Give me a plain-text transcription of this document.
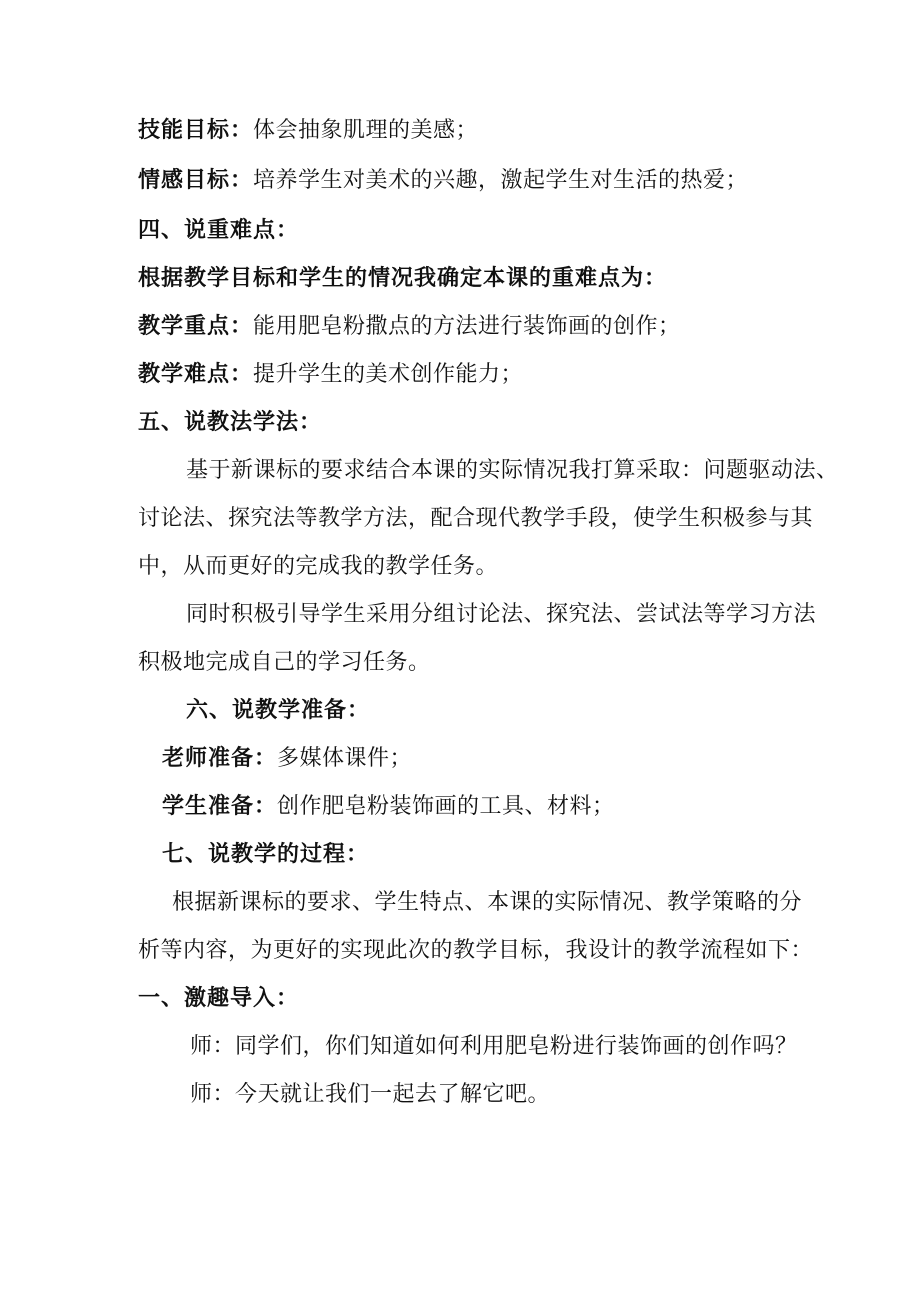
技能目标：体会抽象肌理的美感；
情感目标：培养学生对美术的兴趣，激起学生对生活的热爱；
四、说重难点：
根据教学目标和学生的情况我确定本课的重难点为：
教学重点：能用肥皂粉撒点的方法进行装饰画的创作；
教学难点：提升学生的美术创作能力；
五、说教法学法：
基于新课标的要求结合本课的实际情况我打算采取：问题驱动法、
讨论法、探究法等教学方法，配合现代教学手段，使学生积极参与其
中，从而更好的完成我的教学任务。
同时积极引导学生采用分组讨论法、探究法、尝试法等学习方法
积极地完成自己的学习任务。
六、说教学准备：
老师准备：多媒体课件；
学生准备：创作肥皂粉装饰画的工具、材料；
七、说教学的过程：
根据新课标的要求、学生特点、本课的实际情况、教学策略的分
析等内容，为更好的实现此次的教学目标，我设计的教学流程如下：
一、激趣导入：
师：同学们，你们知道如何利用肥皂粉进行装饰画的创作吗？
师：今天就让我们一起去了解它吧。
